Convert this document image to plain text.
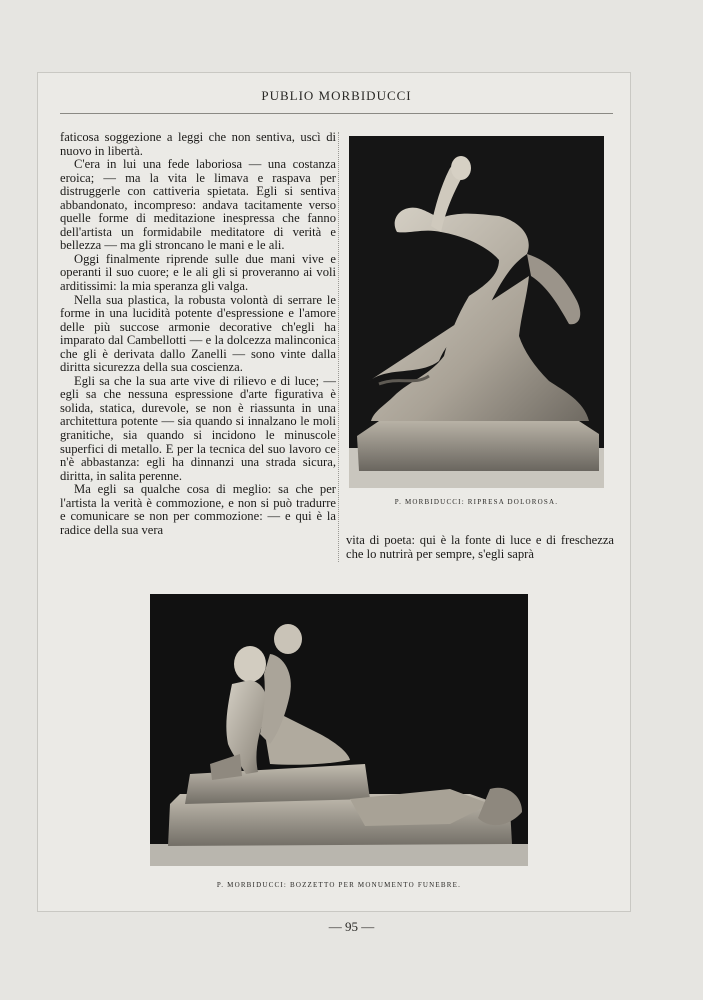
PUBLIO MORBIDUCCI

faticosa soggezione a leggi che non sentiva, uscì di nuovo in libertà.

C'era in lui una fede laboriosa — una costanza eroica; — ma la vita le limava e raspava per distruggerle con cattiveria spietata. Egli si sentiva abbandonato, incompreso: andava tacitamente verso quelle forme di meditazione inespressa che fanno dell'artista un formidabile meditatore di verità e bellezza — ma gli stroncano le mani e le ali.

Oggi finalmente riprende sulle due mani vive e operanti il suo cuore; e le ali gli si proveranno ai voli arditissimi: la mia speranza gli valga.

Nella sua plastica, la robusta volontà di serrare le forme in una lucidità potente d'espressione e l'amore delle più succose armonie decorative ch'egli ha imparato dal Cambellotti — e la dolcezza malinconica che gli è derivata dallo Zanelli — sono vinte dalla diritta sicurezza della sua coscienza.

Egli sa che la sua arte vive di rilievo e di luce; — egli sa che nessuna espressione d'arte figurativa è solida, statica, durevole, se non è riassunta in una architettura potente — sia quando si innalzano le moli granitiche, sia quando si incidono le minuscole superfici di metallo. E per la tecnica del suo lavoro ce n'è abbastanza: egli ha dinnanzi una strada sicura, diritta, in salita perenne.

Ma egli sa qualche cosa di meglio: sa che per l'artista la verità è commozione, e non si può tradurre e comunicare se non per commozione: — e qui è la radice della sua vera

P. MORBIDUCCI: RIPRESA DOLOROSA.

vita di poeta: qui è la fonte di luce e di freschezza che lo nutrirà per sempre, s'egli saprà

P. MORBIDUCCI: BOZZETTO PER MONUMENTO FUNEBRE.
— 95 —
